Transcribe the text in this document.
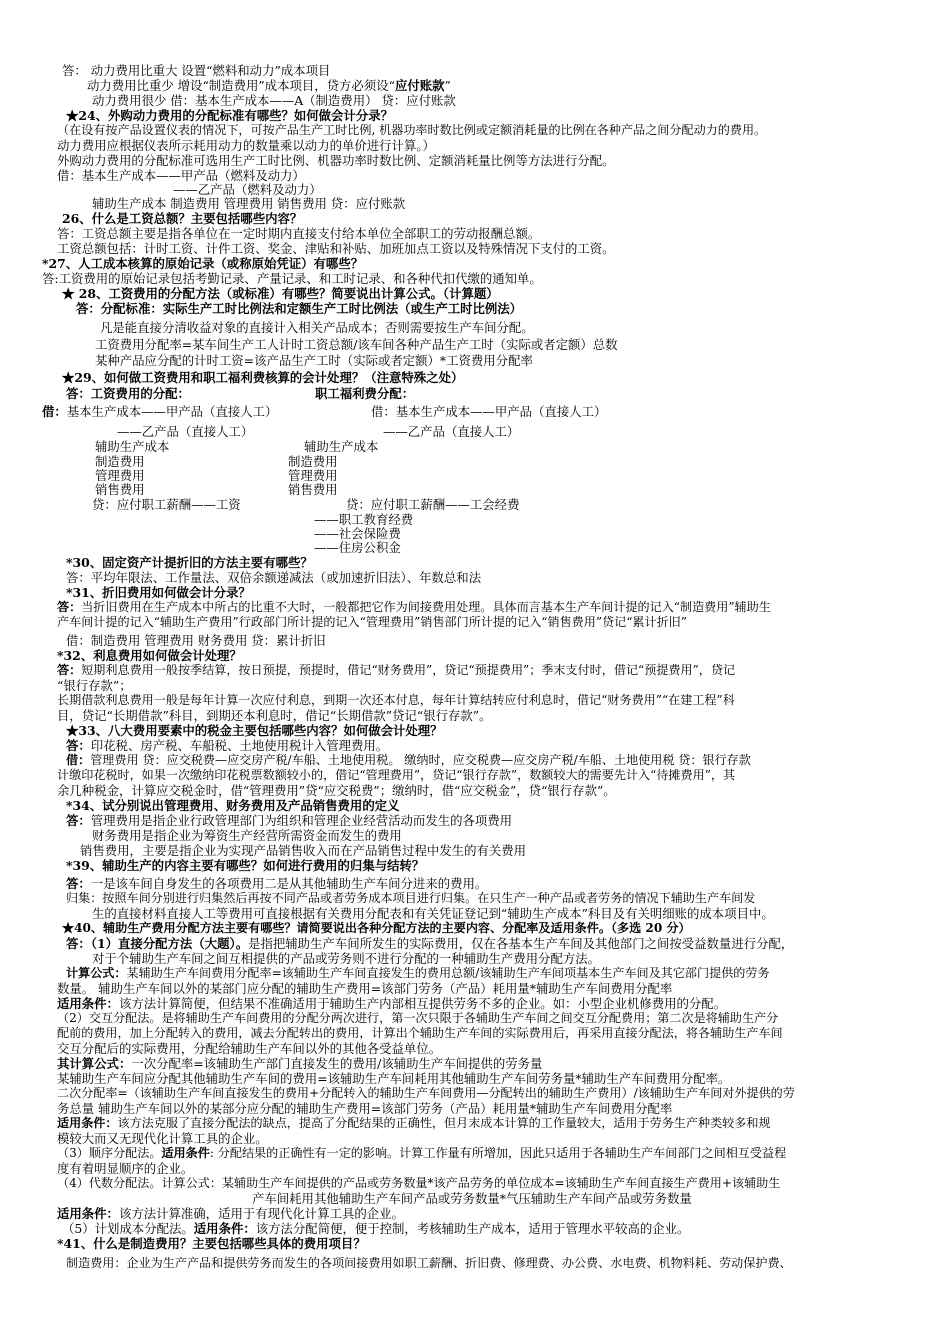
答： 动力费用比重大 设置“燃料和动力”成本项目
动力费用比重少 增设“制造费用”成本项目，贷方必须设“应付账款”
动力费用很少 借：基本生产成本——A（制造费用） 贷：应付账款
★24、外购动力费用的分配标准有哪些？如何做会计分录？
（在设有按产品设置仪表的情况下，可按产品生产工时比例, 机器功率时数比例或定额消耗量的比例在各种产品之间分配动力的费用。
动力费用应根据仪表所示耗用动力的数量乘以动力的单价进行计算。）
外购动力费用的分配标准可选用生产工时比例、机器功率时数比例、定额消耗量比例等方法进行分配。
借：基本生产成本——甲产品（燃料及动力）
——乙产品（燃料及动力）
辅助生产成本 制造费用 管理费用 销售费用 贷：应付账款
26、什么是工资总额？主要包括哪些内容？
答：工资总额主要是指各单位在一定时期内直接支付给本单位全部职工的劳动报酬总额。
工资总额包括：计时工资、计件工资、奖金、津贴和补贴、加班加点工资以及特殊情况下支付的工资。
*27、人工成本核算的原始记录（或称原始凭证）有哪些？
答:工资费用的原始记录包括考勤记录、产量记录、和工时记录、和各种代扣代缴的通知单。
★ 28、工资费用的分配方法（或标准）有哪些？简要说出计算公式。（计算题）
答：分配标准：实际生产工时比例法和定额生产工时比例法（或生产工时比例法）
凡是能直接分清收益对象的直接计入相关产品成本；否则需要按生产车间分配。
工资费用分配率=某车间生产工人计时工资总额/该车间各种产品生产工时（实际或者定额）总数
某种产品应分配的计时工资=该产品生产工时（实际或者定额）*工资费用分配率
★29、如何做工资费用和职工福利费核算的会计处理？（注意特殊之处）
答：工资费用的分配：	职工福利费分配：
借：基本生产成本——甲产品（直接人工）	借：基本生产成本——甲产品（直接人工）
——乙产品（直接人工）	——乙产品（直接人工）
辅助生产成本	辅助生产成本
制造费用	制造费用
管理费用	管理费用
销售费用	销售费用
贷：应付职工薪酬——工资	贷：应付职工薪酬——工会经费
——职工教育经费
——社会保险费
——住房公积金
*30、固定资产计提折旧的方法主要有哪些？
答：平均年限法、工作量法、双倍余额递减法（或加速折旧法）、年数总和法
*31、折旧费用如何做会计分录？
答：当折旧费用在生产成本中所占的比重不大时，一般都把它作为间接费用处理。具体而言基本生产车间计提的记入“制造费用”辅助生
产车间计提的记入“辅助生产费用”行政部门所计提的记入“管理费用”销售部门所计提的记入“销售费用”贷记“累计折旧”
借：制造费用 管理费用 财务费用 贷：累计折旧
*32、利息费用如何做会计处理？
答：短期利息费用一般按季结算，按日预提，预提时，借记“财务费用”，贷记“预提费用”；季末支付时，借记“预提费用”，贷记
“银行存款”；
长期借款利息费用一般是每年计算一次应付利息，到期一次还本付息，每年计算结转应付利息时，借记“财务费用”“在建工程”科
目，贷记“长期借款”科目，到期还本利息时，借记“长期借款”贷记“银行存款”。
★33、八大费用要素中的税金主要包括哪些内容？如何做会计处理？
答：印花税、房产税、车船税、土地使用税计入管理费用。
借：管理费用 贷：应交税费—应交房产税/车船、土地使用税。 缴纳时，应交税费—应交房产税/车船、土地使用税 贷：银行存款
计缴印花税时，如果一次缴纳印花税票数额较小的，借记“管理费用”，贷记“银行存款”，数额较大的需要先计入“待摊费用”，其
余几种税金，计算应交税金时，借“管理费用”贷“应交税费”；缴纳时，借“应交税金”，贷“银行存款”。
*34、试分别说出管理费用、财务费用及产品销售费用的定义
答：管理费用是指企业行政管理部门为组织和管理企业经营活动而发生的各项费用
财务费用是指企业为筹资生产经营所需资金而发生的费用
销售费用，主要是指企业为实现产品销售收入而在产品销售过程中发生的有关费用
*39、辅助生产的内容主要有哪些？如何进行费用的归集与结转？
答：一是该车间自身发生的各项费用二是从其他辅助生产车间分进来的费用。
归集：按照车间分别进行归集然后再按不同产品或者劳务成本项目进行归集。在只生产一种产品或者劳务的情况下辅助生产车间发
生的直接材料直接人工等费用可直接根据有关费用分配表和有关凭证登记到“辅助生产成本”科目及有关明细账的成本项目中。
★40、辅助生产费用分配方法主要有哪些？请简要说出各种分配方法的主要内容、分配率及适用条件。（多选 20 分）
答：（1）直接分配方法（大题）。是指把辅助生产车间所发生的实际费用，仅在各基本生产车间及其他部门之间按受益数量进行分配，
对于个辅助生产车间之间互相提供的产品或劳务则不进行分配的一种辅助生产费用分配方法。
计算公式：某辅助生产车间费用分配率=该辅助生产车间直接发生的费用总额/该辅助生产车间项基本生产车间及其它部门提供的劳务
数量。 辅助生产车间以外的某部门应分配的辅助生产费用=该部门劳务（产品）耗用量*辅助生产车间费用分配率
适用条件：该方法计算简便，但结果不准确适用于辅助生产内部相互提供劳务不多的企业。如：小型企业机修费用的分配。
（2）交互分配法。是将辅助生产车间费用的分配分两次进行，第一次只限于各辅助生产车间之间交互分配费用；第二次是将辅助生产分
配前的费用，加上分配转入的费用，减去分配转出的费用，计算出个辅助生产车间的实际费用后，再采用直接分配法，将各辅助生产车间
交互分配后的实际费用，分配给辅助生产车间以外的其他各受益单位。
其计算公式：一次分配率=该辅助生产部门直接发生的费用/该辅助生产车间提供的劳务量
某辅助生产车间应分配其他辅助生产车间的费用=该辅助生产车间耗用其他辅助生产车间劳务量*辅助生产车间费用分配率。
二次分配率=（该辅助生产车间直接发生的费用+分配转入的辅助生产车间费用—分配转出的辅助生产费用）/该辅助生产车间对外提供的劳
务总量 辅助生产车间以外的某部分应分配的辅助生产费用=该部门劳务（产品）耗用量*辅助生产车间费用分配率
适用条件：该方法克服了直接分配法的缺点，提高了分配结果的正确性，但月末成本计算的工作量较大，适用于劳务生产种类较多和规
模较大而又无现代化计算工具的企业。
（3）顺序分配法。适用条件: 分配结果的正确性有一定的影响。计算工作量有所增加，因此只适用于各辅助生产车间部门之间相互受益程
度有着明显顺序的企业。
（4）代数分配法。计算公式：某辅助生产车间提供的产品或劳务数量*该产品劳务的单位成本=该辅助生产车间直接生产费用+该辅助生
产车间耗用其他辅助生产车间产品或劳务数量*气压辅助生产车间产品或劳务数量
适用条件：该方法计算准确，适用于有现代化计算工具的企业。
（5）计划成本分配法。适用条件：该方法分配简便，便于控制，考核辅助生产成本，适用于管理水平较高的企业。
*41、什么是制造费用？主要包括哪些具体的费用项目？
制造费用：企业为生产产品和提供劳务而发生的各项间接费用如职工薪酬、折旧费、修理费、办公费、水电费、机物料耗、劳动保护费、
